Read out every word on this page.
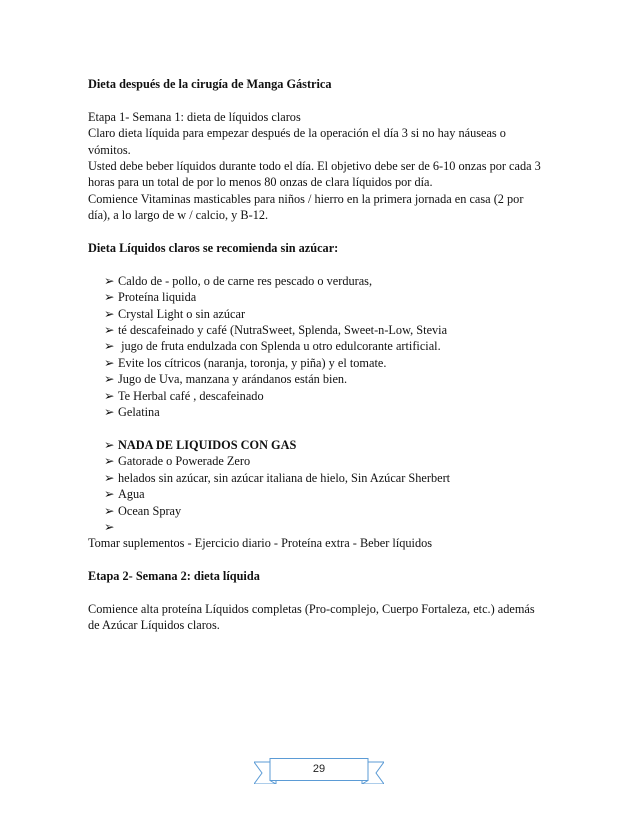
Dieta después de la cirugía de Manga Gástrica

Etapa 1- Semana 1: dieta de líquidos claros

Claro dieta líquida para empezar después de la operación el día 3 si no hay náuseas o

vómitos.

Usted debe beber líquidos durante todo el día. El objetivo debe ser de 6-10 onzas por cada 3

horas para un total de por lo menos 80 onzas de clara líquidos por día.

Comience Vitaminas masticables para niños / hierro en la primera jornada en casa (2 por

día), a lo largo de w / calcio, y B-12.

Dieta Líquidos claros se recomienda sin azúcar:

➢ Caldo de - pollo, o de carne res pescado o verduras,
➢ Proteína liquida
➢ Crystal Light o sin azúcar
➢ té descafeinado y café (NutraSweet, Splenda, Sweet-n-Low, Stevia
➢ jugo de fruta endulzada con Splenda u otro edulcorante artificial.
➢ Evite los cítricos (naranja, toronja, y piña) y el tomate.
➢ Jugo de Uva, manzana y arándanos están bien.
➢ Te Herbal café , descafeinado
➢ Gelatina
➢ NADA DE LIQUIDOS CON GAS
➢ Gatorade o Powerade Zero
➢ helados sin azúcar, sin azúcar italiana de hielo, Sin Azúcar Sherbert
➢ Agua
➢ Ocean Spray
➢

Tomar suplementos - Ejercicio diario - Proteína extra - Beber líquidos

Etapa 2- Semana 2: dieta líquida

Comience alta proteína Líquidos completas (Pro-complejo, Cuerpo Fortaleza, etc.) además

de Azúcar Líquidos claros.

29
